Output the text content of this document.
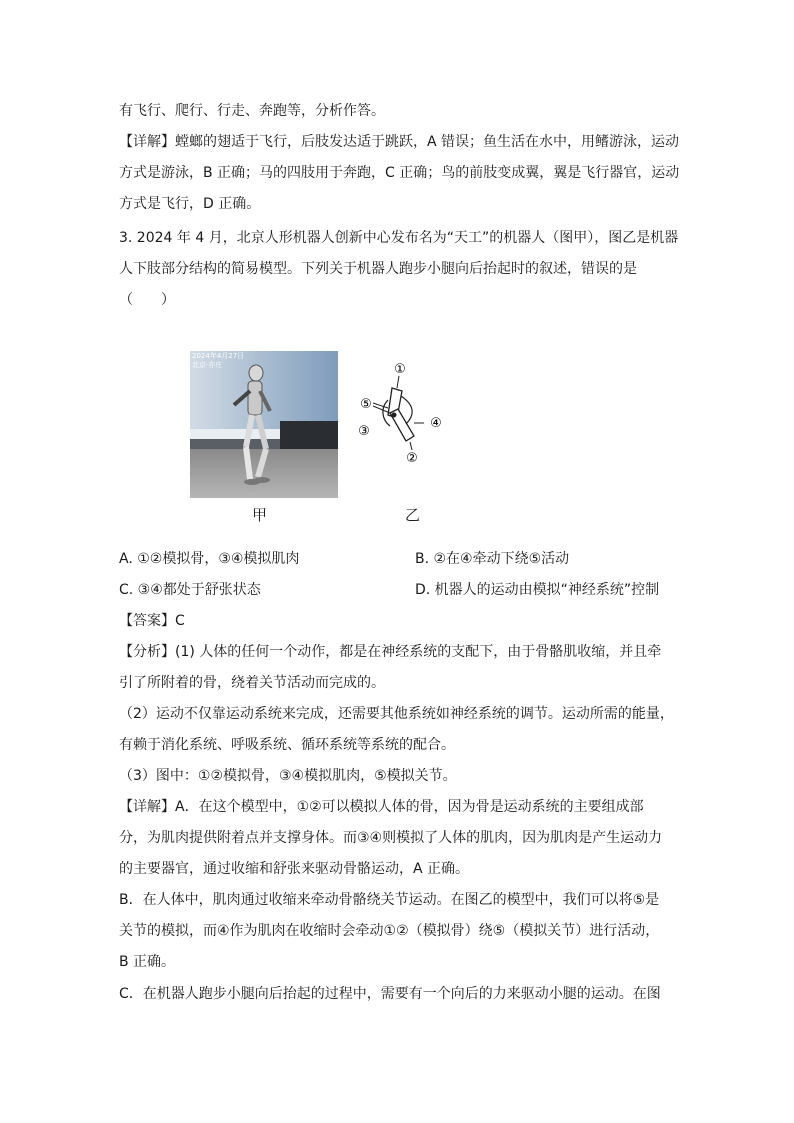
有飞行、爬行、行走、奔跑等，分析作答。
【详解】螳螂的翅适于飞行，后肢发达适于跳跃，A 错误；鱼生活在水中，用鳍游泳，运动
方式是游泳，B 正确；马的四肢用于奔跑，C 正确；鸟的前肢变成翼，翼是飞行器官，运动
方式是飞行，D 正确。
3. 2024 年 4 月，北京人形机器人创新中心发布名为“天工”的机器人（图甲），图乙是机器
人下肢部分结构的简易模型。下列关于机器人跑步小腿向后抬起时的叙述，错误的是
（　　）
2024年4月27日
北京·亦庄
甲
①
②
③
④
⑤
乙
A. ①②模拟骨，③④模拟肌肉	B. ②在④牵动下绕⑤活动
C. ③④都处于舒张状态	D. 机器人的运动由模拟“神经系统”控制
【答案】C
【分析】(1) 人体的任何一个动作，都是在神经系统的支配下，由于骨骼肌收缩，并且牵
引了所附着的骨，绕着关节活动而完成的。
（2）运动不仅靠运动系统来完成，还需要其他系统如神经系统的调节。运动所需的能量，
有赖于消化系统、呼吸系统、循环系统等系统的配合。
（3）图中：①②模拟骨，③④模拟肌肉，⑤模拟关节。
【详解】A．在这个模型中，①②可以模拟人体的骨，因为骨是运动系统的主要组成部
分，为肌肉提供附着点并支撑身体。而③④则模拟了人体的肌肉，因为肌肉是产生运动力
的主要器官，通过收缩和舒张来驱动骨骼运动，A 正确。
B．在人体中，肌肉通过收缩来牵动骨骼绕关节运动。在图乙的模型中，我们可以将⑤是
关节的模拟，而④作为肌肉在收缩时会牵动①②（模拟骨）绕⑤（模拟关节）进行活动，
B 正确。
C．在机器人跑步小腿向后抬起的过程中，需要有一个向后的力来驱动小腿的运动。在图
